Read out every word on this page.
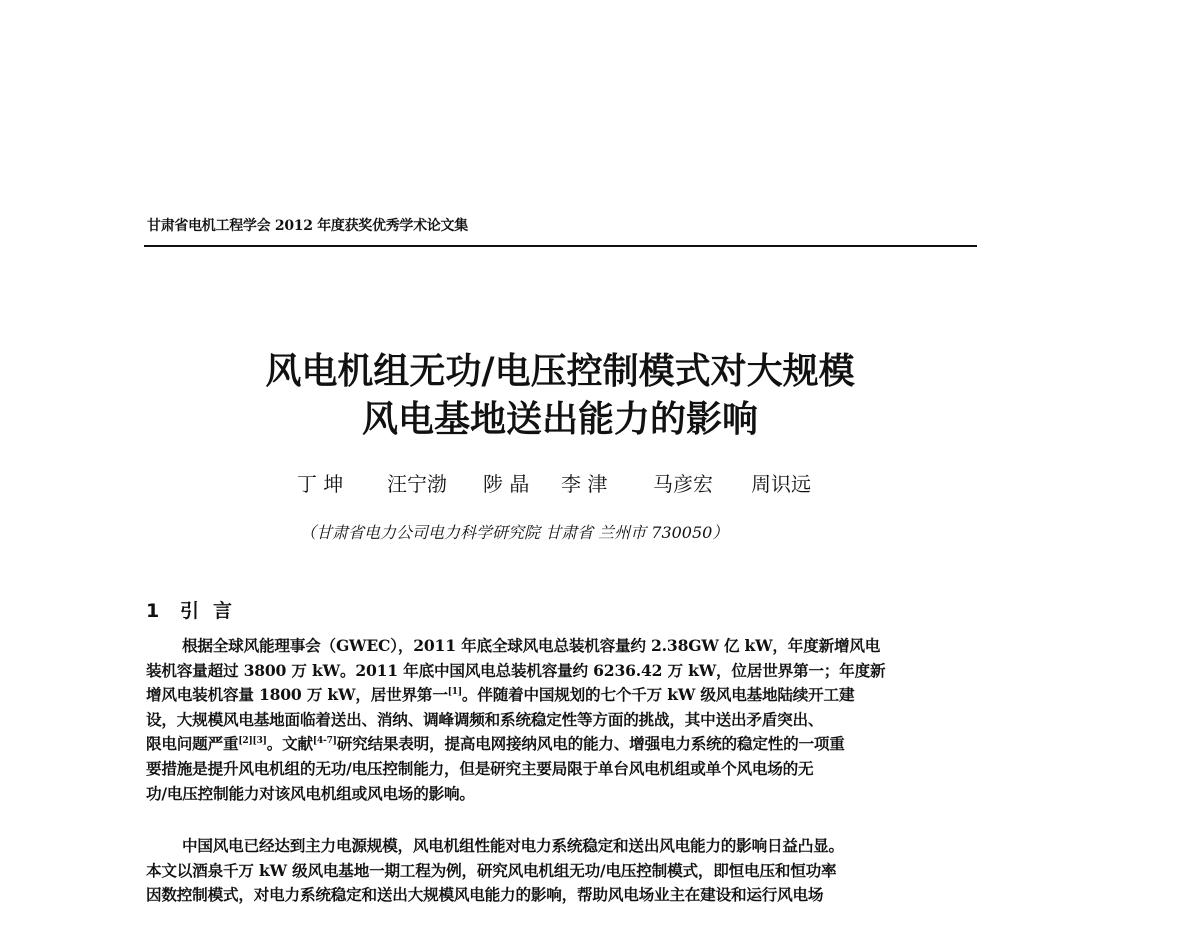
甘肃省电机工程学会 2012 年度获奖优秀学术论文集
风电机组无功/电压控制模式对大规模
风电基地送出能力的影响
丁 坤	汪宁渤	陟 晶	李 津	马彦宏	周识远
（甘肃省电力公司电力科学研究院 甘肃省 兰州市 730050）
1 引言
根据全球风能理事会（GWEC），2011 年底全球风电总装机容量约 2.38GW 亿 kW，年度新增风电
装机容量超过 3800 万 kW。2011 年底中国风电总装机容量约 6236.42 万 kW，位居世界第一；年度新
增风电装机容量 1800 万 kW，居世界第一[1]。伴随着中国规划的七个千万 kW 级风电基地陆续开工建
设，大规模风电基地面临着送出、消纳、调峰调频和系统稳定性等方面的挑战，其中送出矛盾突出、
限电问题严重[2][3]。文献[4-7]研究结果表明，提高电网接纳风电的能力、增强电力系统的稳定性的一项重
要措施是提升风电机组的无功/电压控制能力，但是研究主要局限于单台风电机组或单个风电场的无
功/电压控制能力对该风电机组或风电场的影响。
中国风电已经达到主力电源规模，风电机组性能对电力系统稳定和送出风电能力的影响日益凸显。
本文以酒泉千万 kW 级风电基地一期工程为例，研究风电机组无功/电压控制模式，即恒电压和恒功率
因数控制模式，对电力系统稳定和送出大规模风电能力的影响，帮助风电场业主在建设和运行风电场
